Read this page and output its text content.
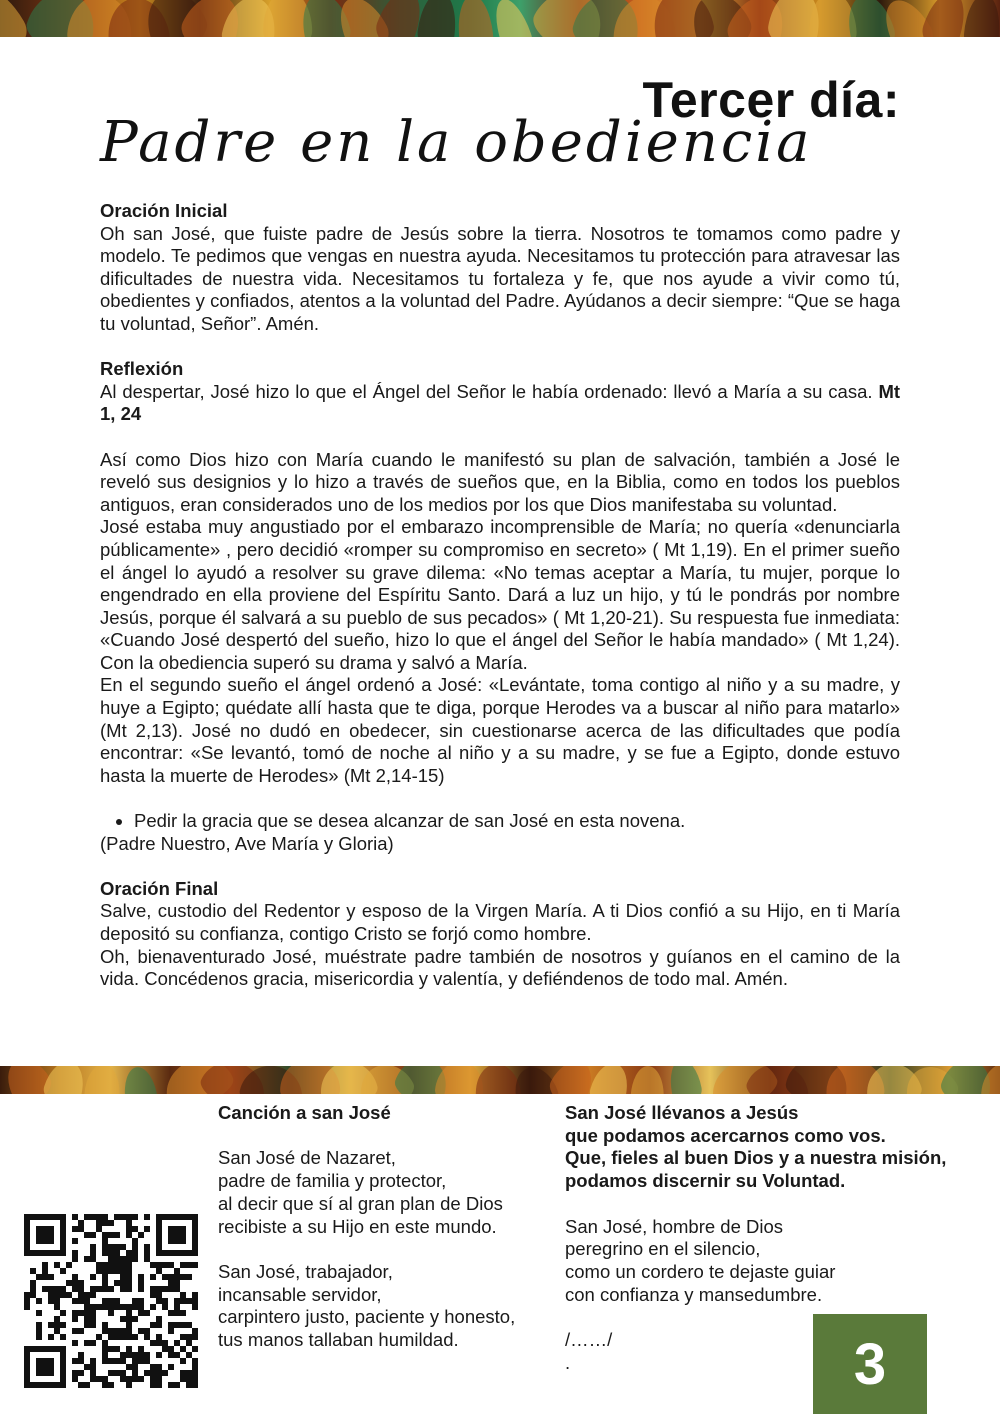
Tercer día:
Padre en la obediencia
Oración Inicial

Oh san José, que fuiste padre de Jesús sobre la tierra. Nosotros te tomamos como padre y modelo. Te pedimos que vengas en nuestra ayuda. Necesitamos tu protección para atravesar las dificultades de nuestra vida. Necesitamos tu fortaleza y fe, que nos ayude a vivir como tú, obedientes y confiados, atentos a la voluntad del Padre. Ayúdanos a decir siempre: “Que se haga tu voluntad, Señor”. Amén.

Reflexión

Al despertar, José hizo lo que el Ángel del Señor le había ordenado: llevó a María a su casa. Mt 1, 24

Así como Dios hizo con María cuando le manifestó su plan de salvación, también a José le reveló sus designios y lo hizo a través de sueños que, en la Biblia, como en todos los pueblos antiguos, eran considerados uno de los medios por los que Dios manifestaba su voluntad.

José estaba muy angustiado por el embarazo incomprensible de María; no quería «denunciarla públicamente» , pero decidió «romper su compromiso en secreto» ( Mt 1,19). En el primer sueño el ángel lo ayudó a resolver su grave dilema: «No temas aceptar a María, tu mujer, porque lo engendrado en ella proviene del Espíritu Santo. Dará a luz un hijo, y tú le pondrás por nombre Jesús, porque él salvará a su pueblo de sus pecados» ( Mt 1,20-21). Su respuesta fue inmediata: «Cuando José despertó del sueño, hizo lo que el ángel del Señor le había mandado» ( Mt 1,24). Con la obediencia superó su drama y salvó a María.

En el segundo sueño el ángel ordenó a José: «Levántate, toma contigo al niño y a su madre, y huye a Egipto; quédate allí hasta que te diga, porque Herodes va a buscar al niño para matarlo» (Mt 2,13). José no dudó en obedecer, sin cuestionarse acerca de las dificultades que podía encontrar: «Se levantó, tomó de noche al niño y a su madre, y se fue a Egipto, donde estuvo hasta la muerte de Herodes» (Mt 2,14-15)

• Pedir la gracia que se desea alcanzar de san José en esta novena.

(Padre Nuestro, Ave María y Gloria)

Oración Final

Salve, custodio del Redentor y esposo de la Virgen María. A ti Dios confió a su Hijo, en ti María depositó su confianza, contigo Cristo se forjó como hombre.

Oh, bienaventurado José, muéstrate padre también de nosotros y guíanos en el camino de la vida. Concédenos gracia, misericordia y valentía, y defiéndenos de todo mal. Amén.

Canción a san José

San José de Nazaret,

padre de familia y protector,

al decir que sí al gran plan de Dios

recibiste a su Hijo en este mundo.

San José, trabajador,

incansable servidor,

carpintero justo, paciente y honesto,

tus manos tallaban humildad.

San José llévanos a Jesús

que podamos acercarnos como vos.

Que, fieles al buen Dios y a nuestra misión,

podamos discernir su Voluntad.

San José, hombre de Dios

peregrino en el silencio,

como un cordero te dejaste guiar

con confianza y mansedumbre.

/……/

.	3
